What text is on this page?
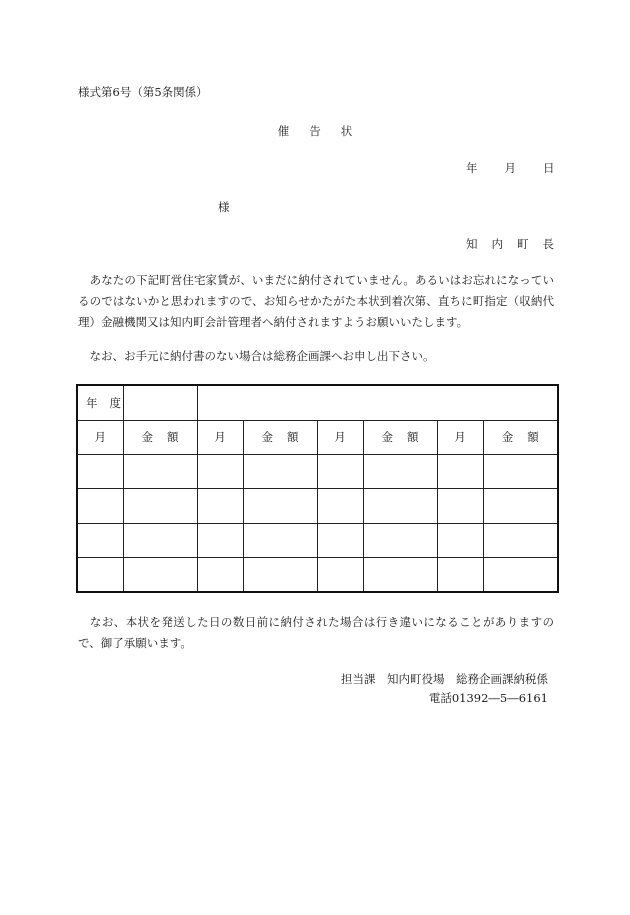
様式第6号（第5条関係）
催 告 状
年 月 日
様
知 内 町 長

　あなたの下記町営住宅家賃が、いまだに納付されていません。あるいはお忘れになっているのではないかと思われますので、お知らせかたがた本状到着次第、直ちに町指定（収納代理）金融機関又は知内町会計管理者へ納付されますようお願いいたします。

　なお、お手元に納付書のない場合は総務企画課へお申し出下さい。

年 度							
月	金 額	月	金 額	月	金 額	月	金 額

　なお、本状を発送した日の数日前に納付された場合は行き違いになることがありますので、御了承願います。

担当課　知内町役場　総務企画課納税係
電話01392―5―6161
